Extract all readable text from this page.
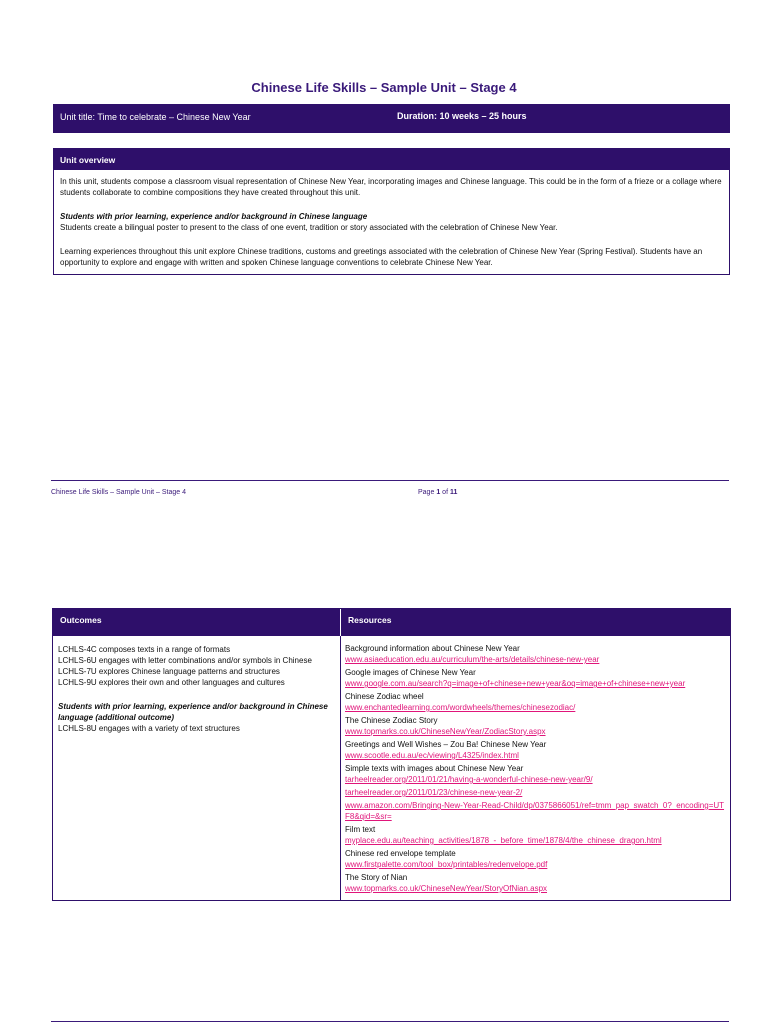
Chinese Life Skills – Sample Unit – Stage 4
Unit title: Time to celebrate – Chinese New Year	Duration: 10 weeks – 25 hours
Unit overview

In this unit, students compose a classroom visual representation of Chinese New Year, incorporating images and Chinese language. This could be in the form of a frieze or a collage where students collaborate to combine compositions they have created throughout this unit.

Students with prior learning, experience and/or background in Chinese language
Students create a bilingual poster to present to the class of one event, tradition or story associated with the celebration of Chinese New Year.

Learning experiences throughout this unit explore Chinese traditions, customs and greetings associated with the celebration of Chinese New Year (Spring Festival). Students have an opportunity to explore and engage with written and spoken Chinese language conventions to celebrate Chinese New Year.

Chinese Life Skills – Sample Unit – Stage 4	Page 1 of 11
Outcomes	Resources
LCHLS-4C composes texts in a range of formats
LCHLS-6U engages with letter combinations and/or symbols in Chinese
LCHLS-7U explores Chinese language patterns and structures
LCHLS-9U explores their own and other languages and cultures
Students with prior learning, experience and/or background in Chinese language (additional outcome)
LCHLS-8U engages with a variety of text structures
Background information about Chinese New Year
www.asiaeducation.edu.au/curriculum/the-arts/details/chinese-new-year
Google images of Chinese New Year
www.google.com.au/search?q=image+of+chinese+new+year&oq=image+of+chinese+new+year
Chinese Zodiac wheel
www.enchantedlearning.com/wordwheels/themes/chinesezodiac/
The Chinese Zodiac Story
www.topmarks.co.uk/ChineseNewYear/ZodiacStory.aspx
Greetings and Well Wishes – Zou Ba! Chinese New Year
www.scootle.edu.au/ec/viewing/L4325/index.html
Simple texts with images about Chinese New Year
tarheelreader.org/2011/01/21/having-a-wonderful-chinese-new-year/9/
tarheelreader.org/2011/01/23/chinese-new-year-2/
www.amazon.com/Bringing-New-Year-Read-Child/dp/0375866051/ref=tmm_pap_swatch_0?_encoding=UTF8&qid=&sr=
Film text
myplace.edu.au/teaching_activities/1878_-_before_time/1878/4/the_chinese_dragon.html
Chinese red envelope template
www.firstpalette.com/tool_box/printables/redenvelope.pdf
The Story of Nian
www.topmarks.co.uk/ChineseNewYear/StoryOfNian.aspx
